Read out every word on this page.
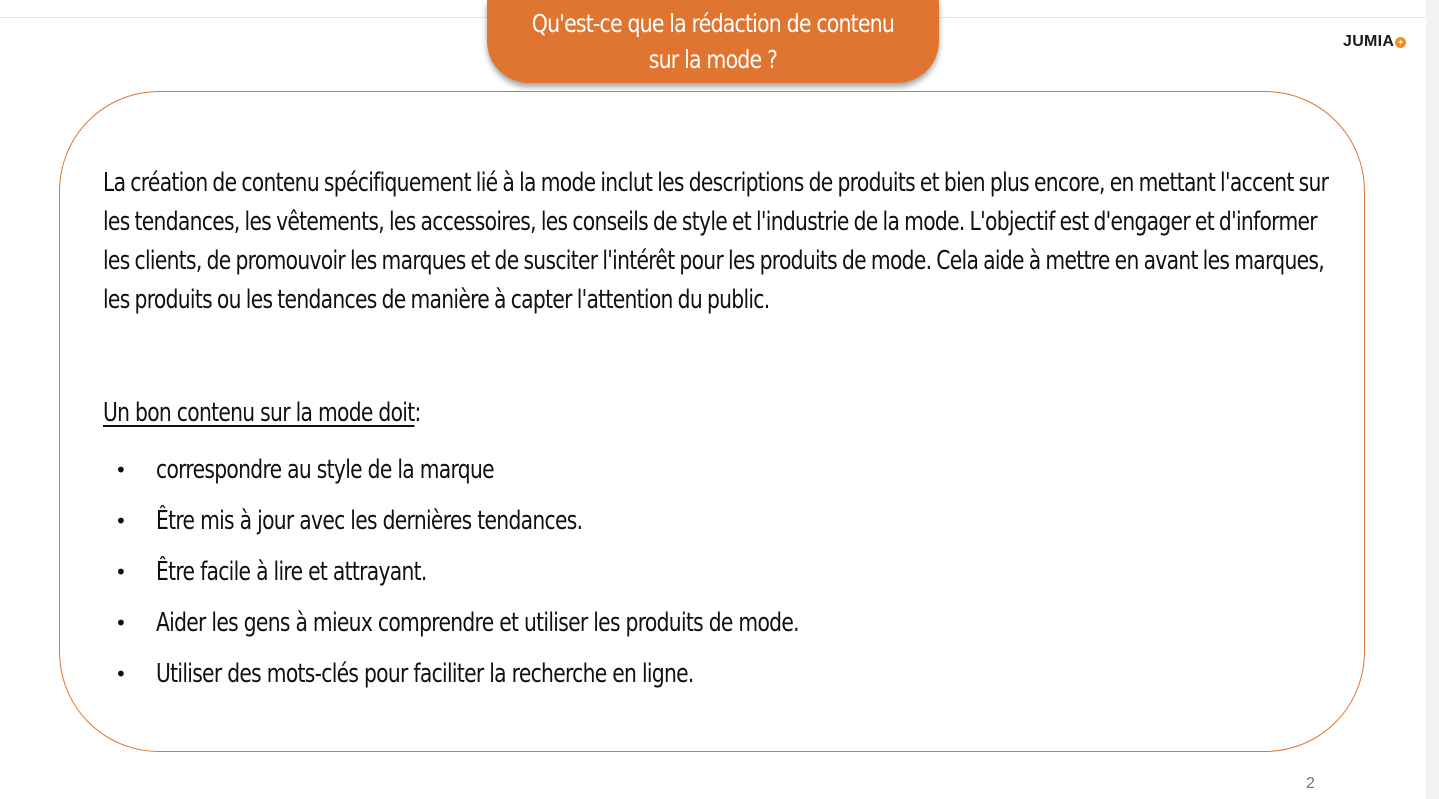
Qu'est-ce que la rédaction de contenu
sur la mode ?
JUMIA ✦
La création de contenu spécifiquement lié à la mode inclut les descriptions de produits et bien plus encore, en mettant l'accent sur les tendances, les vêtements, les accessoires, les conseils de style et l'industrie de la mode. L'objectif est d'engager et d'informer les clients, de promouvoir les marques et de susciter l'intérêt pour les produits de mode. Cela aide à mettre en avant les marques, les produits ou les tendances de manière à capter l'attention du public.
Un bon contenu sur la mode doit:
•	correspondre au style de la marque
•	Être mis à jour avec les dernières tendances.
•	Être facile à lire et attrayant.
•	Aider les gens à mieux comprendre et utiliser les produits de mode.
•	Utiliser des mots-clés pour faciliter la recherche en ligne.
2
